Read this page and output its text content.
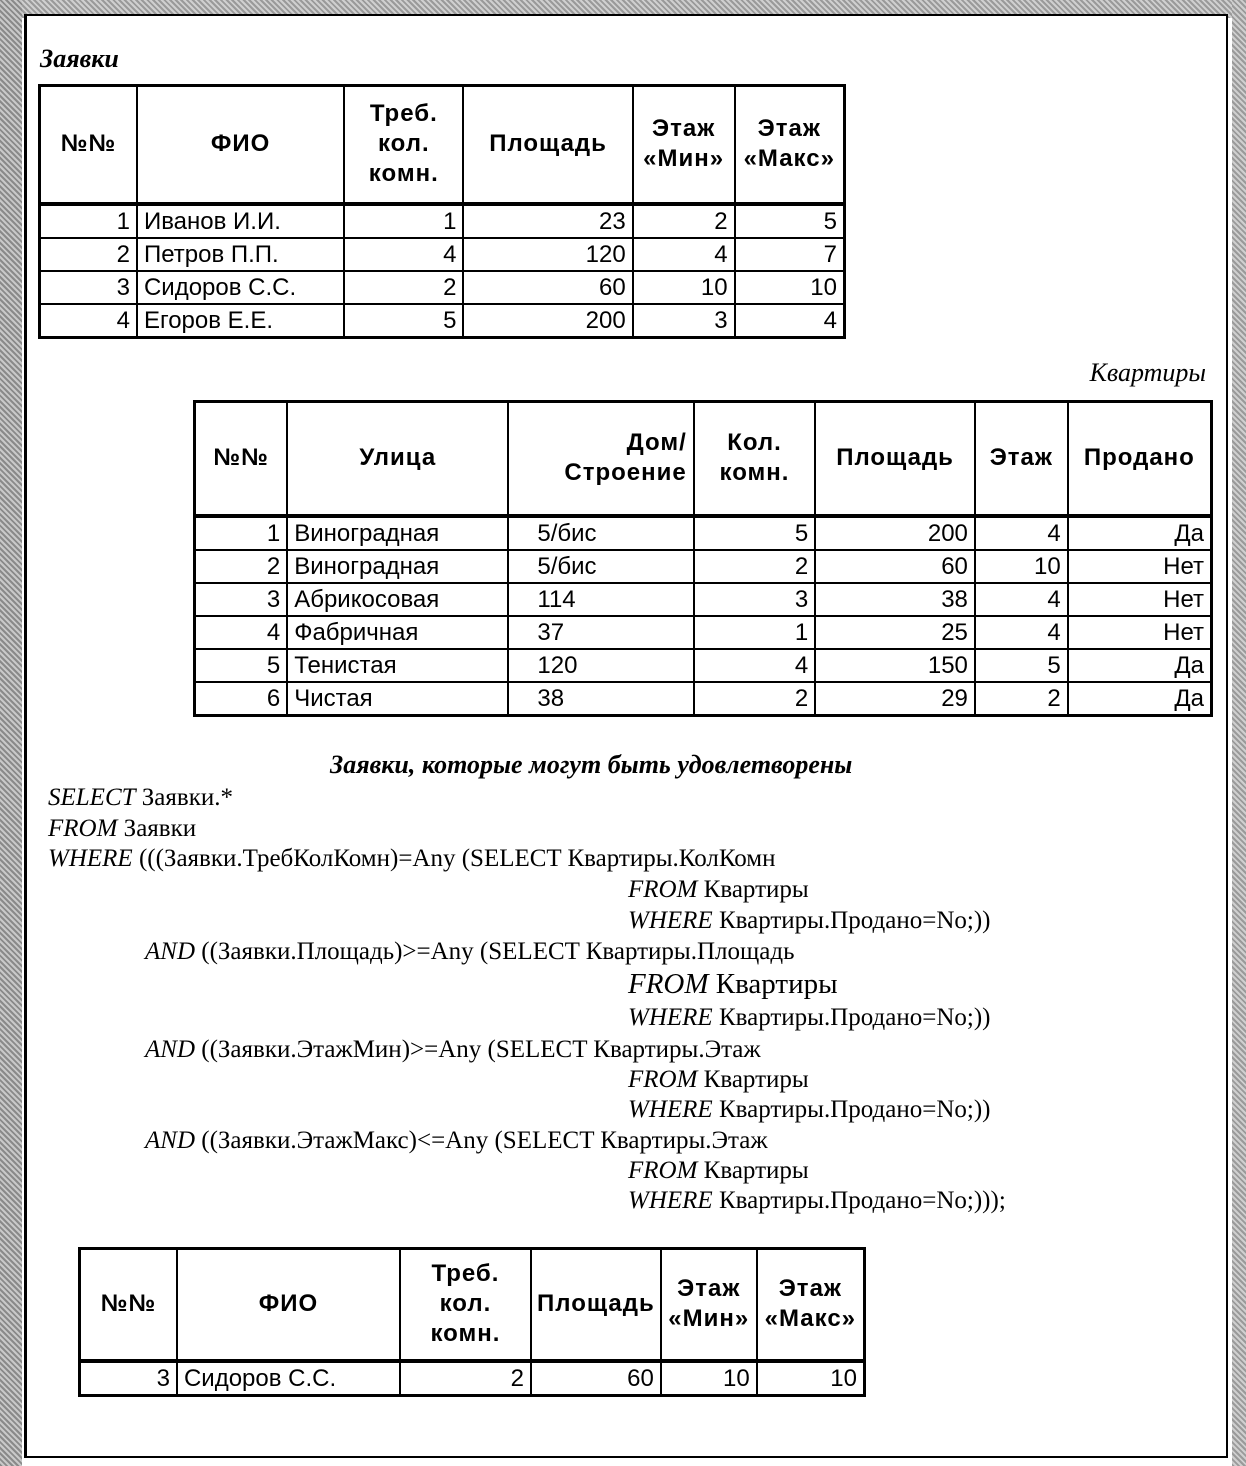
Заявки
№№	ФИО	Треб. кол. комн.	Площадь	Этаж «Мин»	Этаж «Макс»
1	Иванов И.И.	1	23	2	5
2	Петров П.П.	4	120	4	7
3	Сидоров С.С.	2	60	10	10
4	Егоров Е.Е.	5	200	3	4
Квартиры
№№	Улица	Дом/ Строение	Кол. комн.	Площадь	Этаж	Продано
1	Виноградная	5/бис	5	200	4	Да
2	Виноградная	5/бис	2	60	10	Нет
3	Абрикосовая	114	3	38	4	Нет
4	Фабричная	37	1	25	4	Нет
5	Тенистая	120	4	150	5	Да
6	Чистая	38	2	29	2	Да
Заявки, которые могут быть удовлетворены
SELECT Заявки.*
FROM Заявки
WHERE (((Заявки.ТребКолКомн)=Any (SELECT Квартиры.КолКомн
FROM Квартиры
WHERE Квартиры.Продано=No;))
AND ((Заявки.Площадь)>=Any (SELECT Квартиры.Площадь
FROM Квартиры
WHERE Квартиры.Продано=No;))
AND ((Заявки.ЭтажМин)>=Any (SELECT Квартиры.Этаж
FROM Квартиры
WHERE Квартиры.Продано=No;))
AND ((Заявки.ЭтажМакс)<=Any (SELECT Квартиры.Этаж
FROM Квартиры
WHERE Квартиры.Продано=No;)));
№№	ФИО	Треб. кол. комн.	Площадь	Этаж «Мин»	Этаж «Макс»
3	Сидоров С.С.	2	60	10	10
